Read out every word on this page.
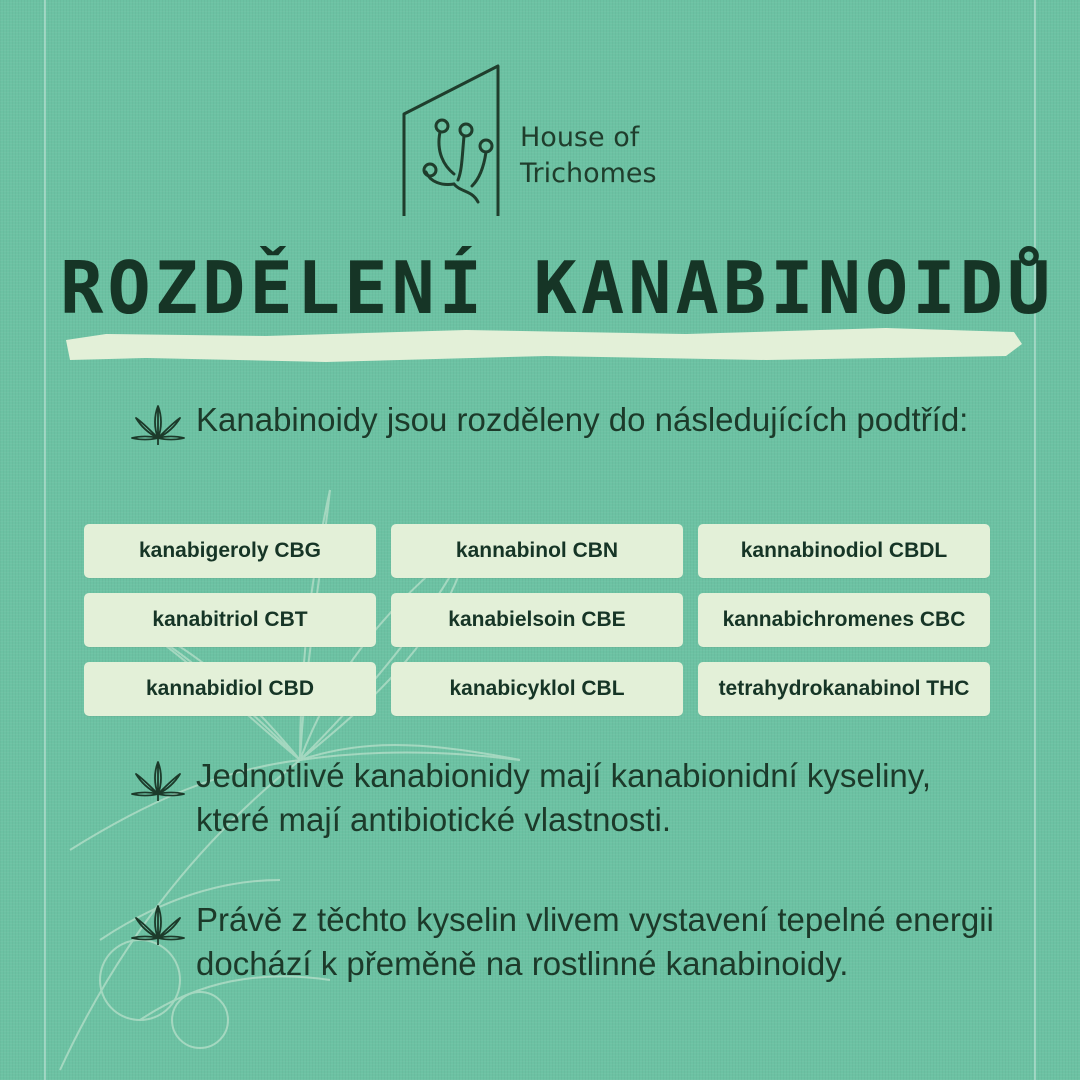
House of
Trichomes
ROZDĚLENÍ KANABINOIDŮ
Kanabinoidy jsou rozděleny do následujících podtříd:
kanabigeroly CBG	kannabinol CBN	kannabinodiol CBDL
kanabitriol CBT	kanabielsoin CBE	kannabichromenes CBC
kannabidiol CBD	kanabicyklol CBL	tetrahydrokanabinol THC
Jednotlivé kanabionidy mají kanabionidní kyseliny, které mají antibiotické vlastnosti.
Právě z těchto kyselin vlivem vystavení tepelné energii dochází k přeměně na rostlinné kanabinoidy.
